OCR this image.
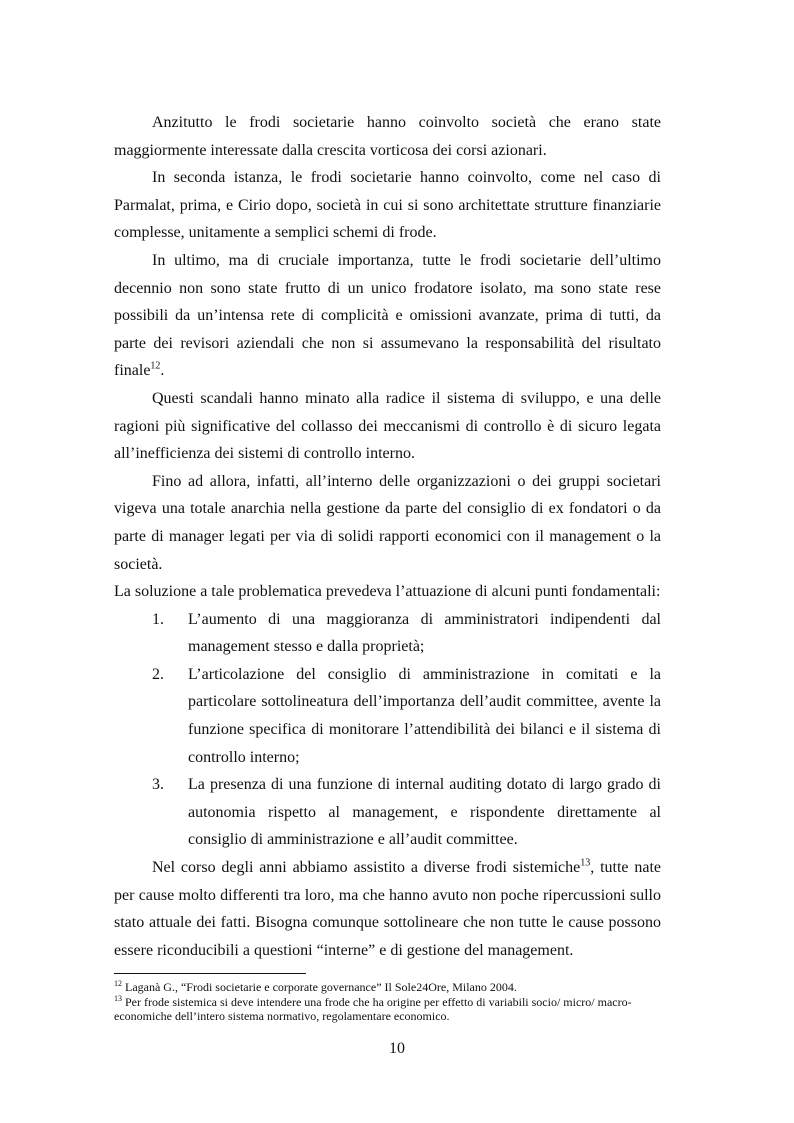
Anzitutto le frodi societarie hanno coinvolto società che erano state maggiormente interessate dalla crescita vorticosa dei corsi azionari.

In seconda istanza, le frodi societarie hanno coinvolto, come nel caso di Parmalat, prima, e Cirio dopo, società in cui si sono architettate strutture finanziarie complesse, unitamente a semplici schemi di frode.

In ultimo, ma di cruciale importanza, tutte le frodi societarie dell’ultimo decennio non sono state frutto di un unico frodatore isolato, ma sono state rese possibili da un’intensa rete di complicità e omissioni avanzate, prima di tutti, da parte dei revisori aziendali che non si assumevano la responsabilità del risultato finale$^{12}$.

Questi scandali hanno minato alla radice il sistema di sviluppo, e una delle ragioni più significative del collasso dei meccanismi di controllo è di sicuro legata all’inefficienza dei sistemi di controllo interno.

Fino ad allora, infatti, all’interno delle organizzazioni o dei gruppi societari vigeva una totale anarchia nella gestione da parte del consiglio di ex fondatori o da parte di manager legati per via di solidi rapporti economici con il management o la società.

La soluzione a tale problematica prevedeva l’attuazione di alcuni punti fondamentali:

1.	L’aumento di una maggioranza di amministratori indipendenti dal management stesso e dalla proprietà;
2.	L’articolazione del consiglio di amministrazione in comitati e la particolare sottolineatura dell’importanza dell’audit committee, avente la funzione specifica di monitorare l’attendibilità dei bilanci e il sistema di controllo interno;
3.	La presenza di una funzione di internal auditing dotato di largo grado di autonomia rispetto al management, e rispondente direttamente al consiglio di amministrazione e all’audit committee.

Nel corso degli anni abbiamo assistito a diverse frodi sistemiche$^{13}$, tutte nate per cause molto differenti tra loro, ma che hanno avuto non poche ripercussioni sullo stato attuale dei fatti. Bisogna comunque sottolineare che non tutte le cause possono essere riconducibili a questioni “interne” e di gestione del management.

$^{12}$ Laganà G., “Frodi societarie e corporate governance” Il Sole24Ore, Milano 2004.

$^{13}$ Per frode sistemica si deve intendere una frode che ha origine per effetto di variabili socio/ micro/ macro-economiche dell’intero sistema normativo, regolamentare economico.

10
